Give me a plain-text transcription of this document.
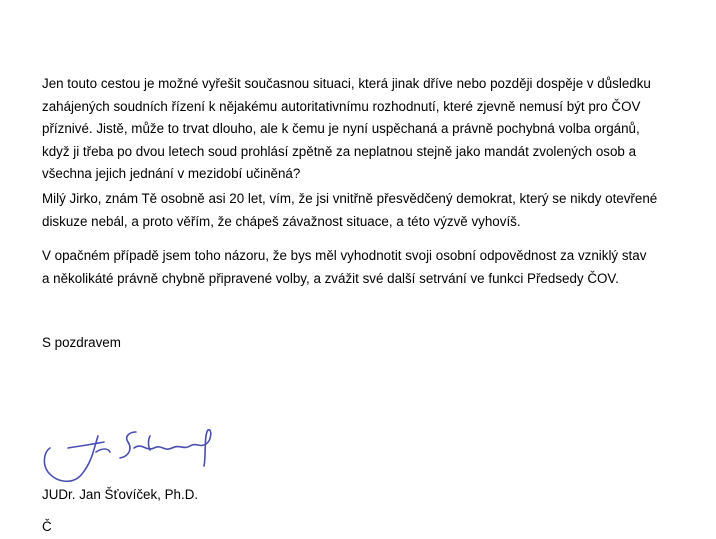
Jen touto cestou je možné vyřešit současnou situaci, která jinak dříve nebo později dospěje v důsledku
zahájených soudních řízení k nějakému autoritativnímu rozhodnutí, které zjevně nemusí být pro ČOV
příznivé. Jistě, může to trvat dlouho, ale k čemu je nyní uspěchaná a právně pochybná volba orgánů,
když ji třeba po dvou letech soud prohlásí zpětně za neplatnou stejně jako mandát zvolených osob a
všechna jejich jednání v mezidobí učiněná?

Milý Jirko, znám Tě osobně asi 20 let, vím, že jsi vnitřně přesvědčený demokrat, který se nikdy otevřené
diskuze nebál, a proto věřím, že chápeš závažnost situace, a této výzvě vyhovíš.

V opačném případě jsem toho názoru, že bys měl vyhodnotit svoji osobní odpovědnost za vzniklý stav
a několikáté právně chybně připravené volby, a zvážit své další setrvání ve funkci Předsedy ČOV.

S pozdravem

JUDr. Jan Šťovíček, Ph.D.

Č
